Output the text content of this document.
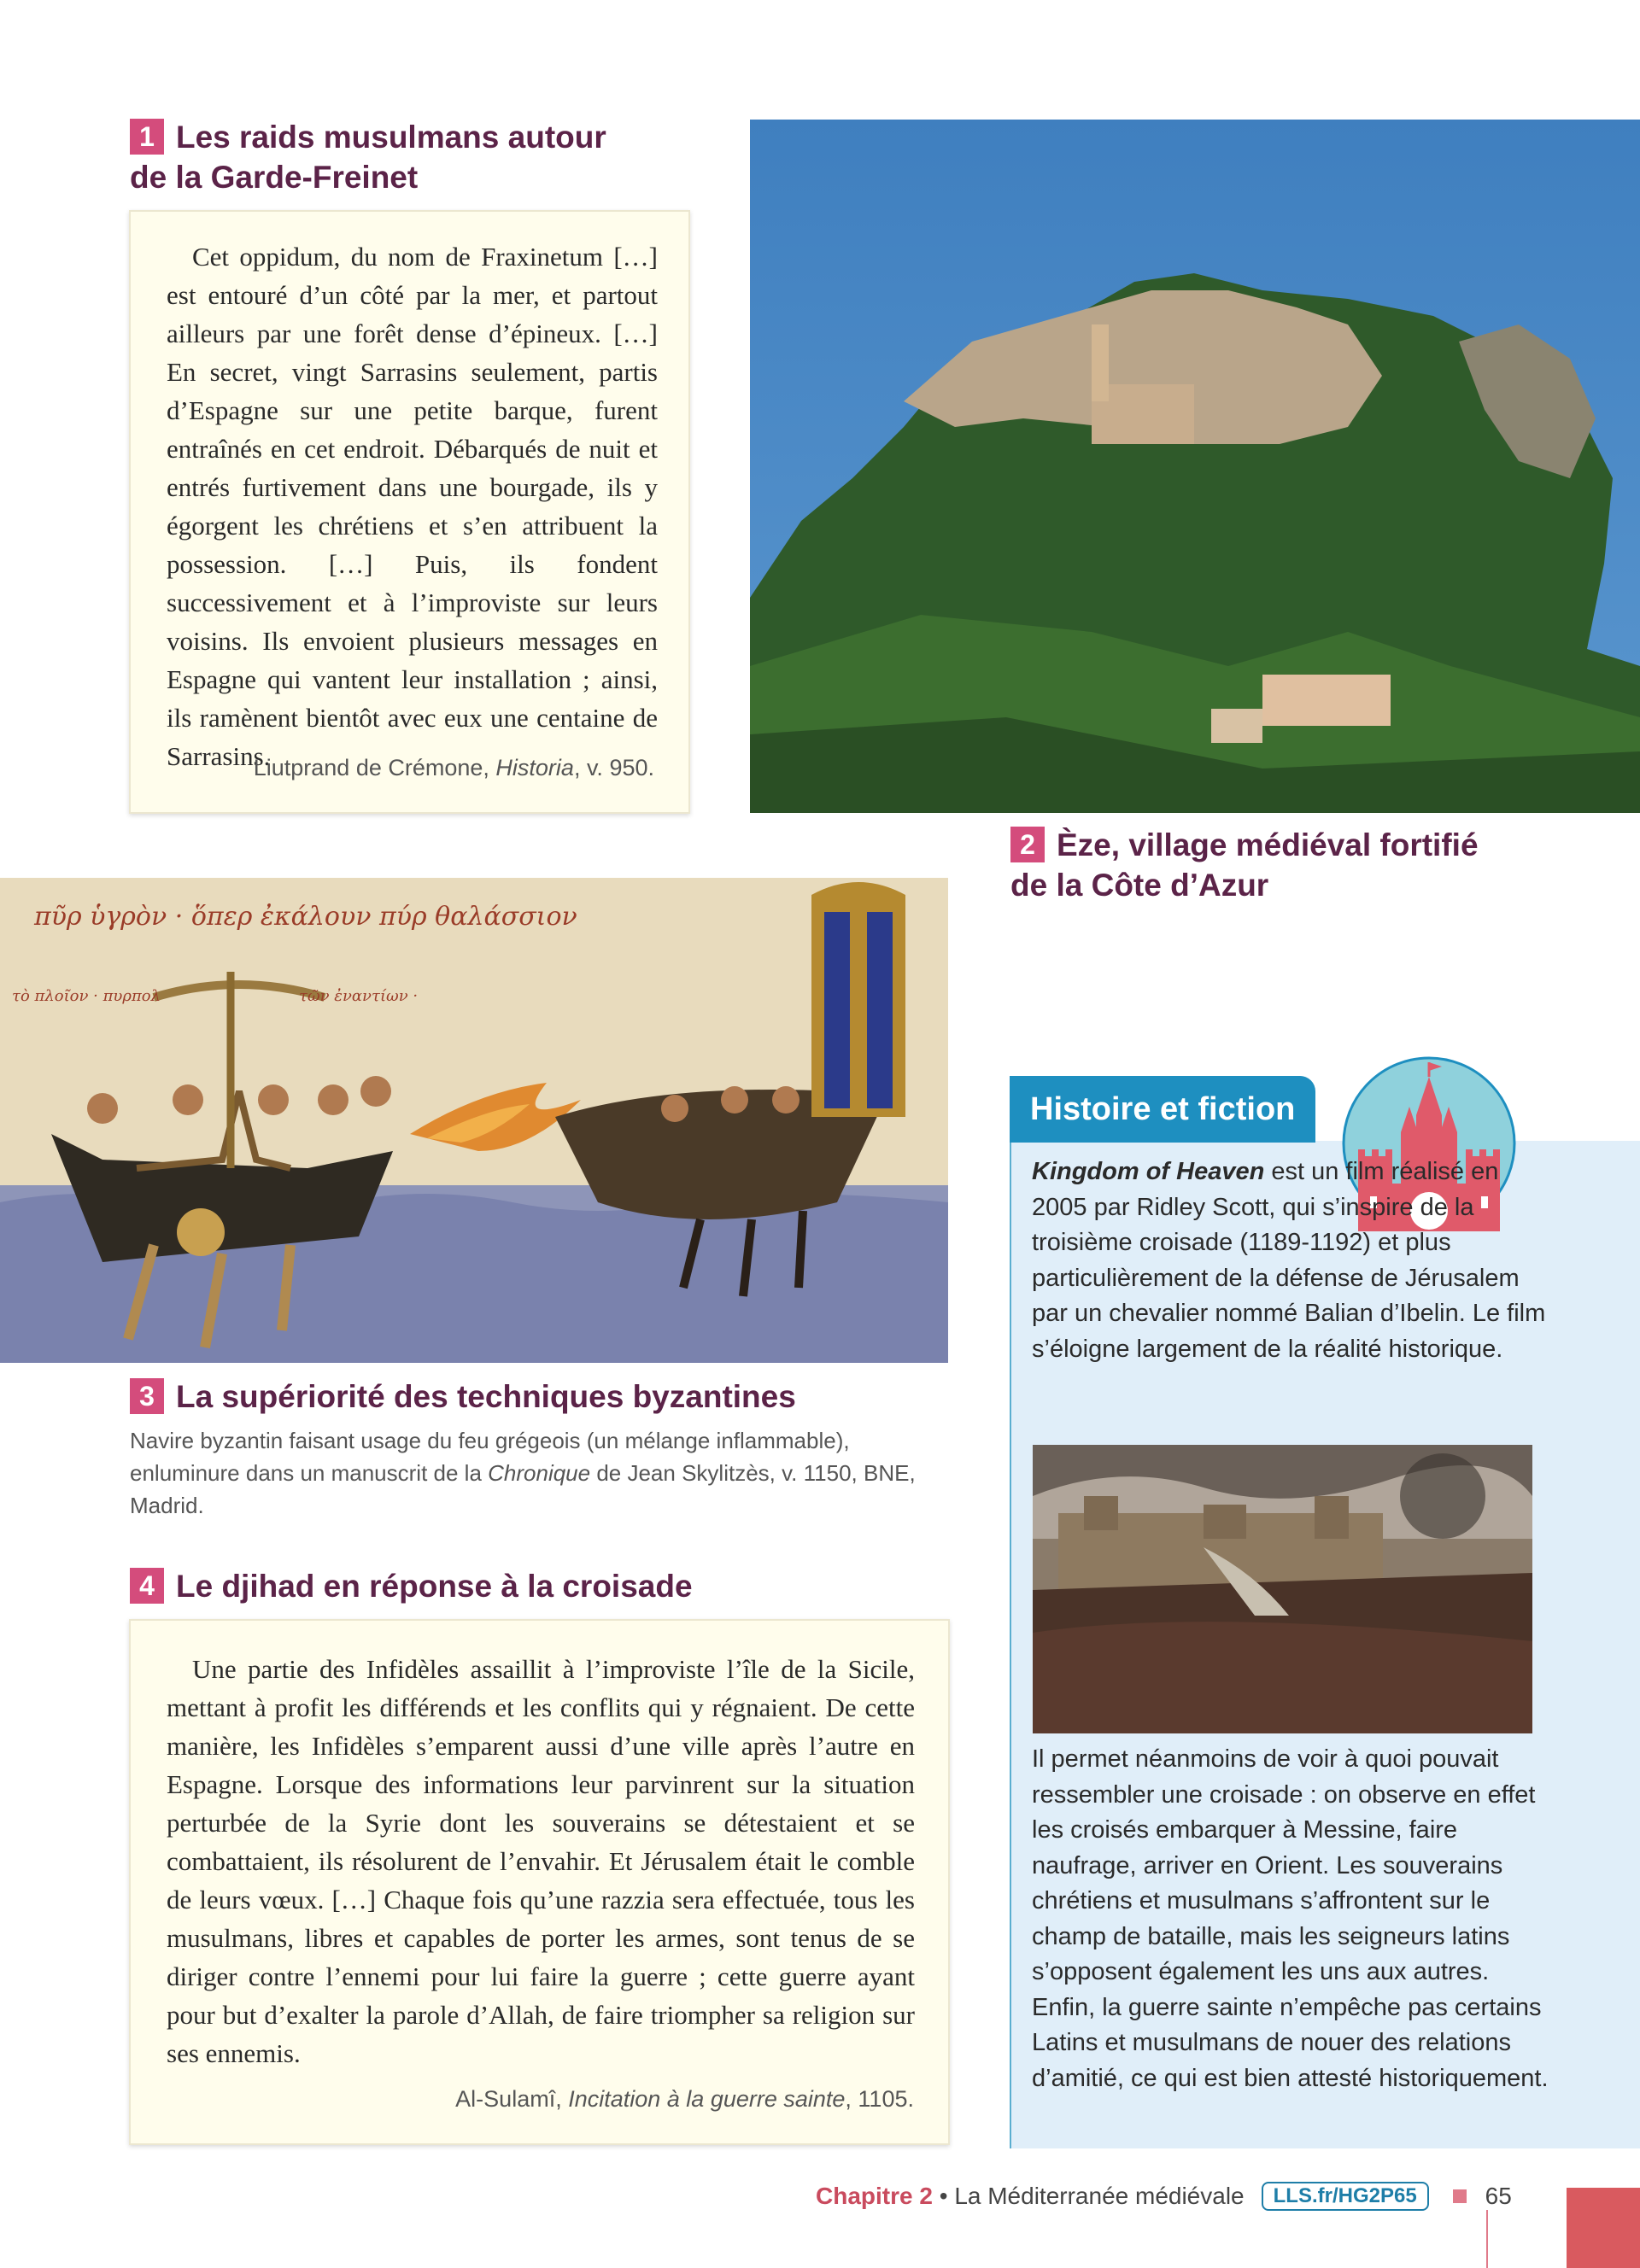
1 Les raids musulmans autour
de la Garde-Freinet
Cet oppidum, du nom de Fraxinetum […] est entouré d’un côté par la mer, et partout ailleurs par une forêt dense d’épineux. […] En secret, vingt Sarrasins seulement, partis d’Espagne sur une petite barque, furent entraînés en cet endroit. Débarqués de nuit et entrés furtivement dans une bourgade, ils y égorgent les chrétiens et s’en attribuent la possession. […] Puis, ils fondent successivement et à l’improviste sur leurs voisins. Ils envoient plusieurs messages en Espagne qui vantent leur installation ; ainsi, ils ramènent bientôt avec eux une centaine de Sarrasins.
Liutprand de Crémone, Historia, v. 950.
2 Èze, village médiéval fortifié
de la Côte d’Azur
πῦρ ὑγρὸν · ὅπερ ἐκάλουν πύρ θαλάσσιον
τὸ πλοῖον · πυρπολ	τῶν ἐναντίων ·
3 La supériorité des techniques byzantines
Navire byzantin faisant usage du feu grégeois (un mélange inflammable), enluminure dans un manuscrit de la Chronique de Jean Skylitzès, v. 1150, BNE, Madrid.
4 Le djihad en réponse à la croisade
Une partie des Infidèles assaillit à l’improviste l’île de la Sicile, mettant à profit les différends et les conflits qui y régnaient. De cette manière, les Infidèles s’emparent aussi d’une ville après l’autre en Espagne. Lorsque des informations leur parvinrent sur la situation perturbée de la Syrie dont les souverains se détestaient et se combattaient, ils résolurent de l’envahir. Et Jérusalem était le comble de leurs vœux. […] Chaque fois qu’une razzia sera effectuée, tous les musulmans, libres et capables de porter les armes, sont tenus de se diriger contre l’ennemi pour lui faire la guerre ; cette guerre ayant pour but d’exalter la parole d’Allah, de faire triompher sa religion sur ses ennemis.
Al-Sulamî, Incitation à la guerre sainte, 1105.
Histoire et fiction
Kingdom of Heaven est un film réalisé en 2005 par Ridley Scott, qui s’inspire de la troisième croisade (1189-1192) et plus particulièrement de la défense de Jérusalem par un chevalier nommé Balian d’Ibelin. Le film s’éloigne largement de la réalité historique.
Il permet néanmoins de voir à quoi pouvait ressembler une croisade : on observe en effet les croisés embarquer à Messine, faire naufrage, arriver en Orient. Les souverains chrétiens et musulmans s’affrontent sur le champ de bataille, mais les seigneurs latins s’opposent également les uns aux autres. Enfin, la guerre sainte n’empêche pas certains Latins et musulmans de nouer des relations d’amitié, ce qui est bien attesté historiquement.
Chapitre 2 • La Méditerranée médiévale	LLS.fr/HG2P65	65
